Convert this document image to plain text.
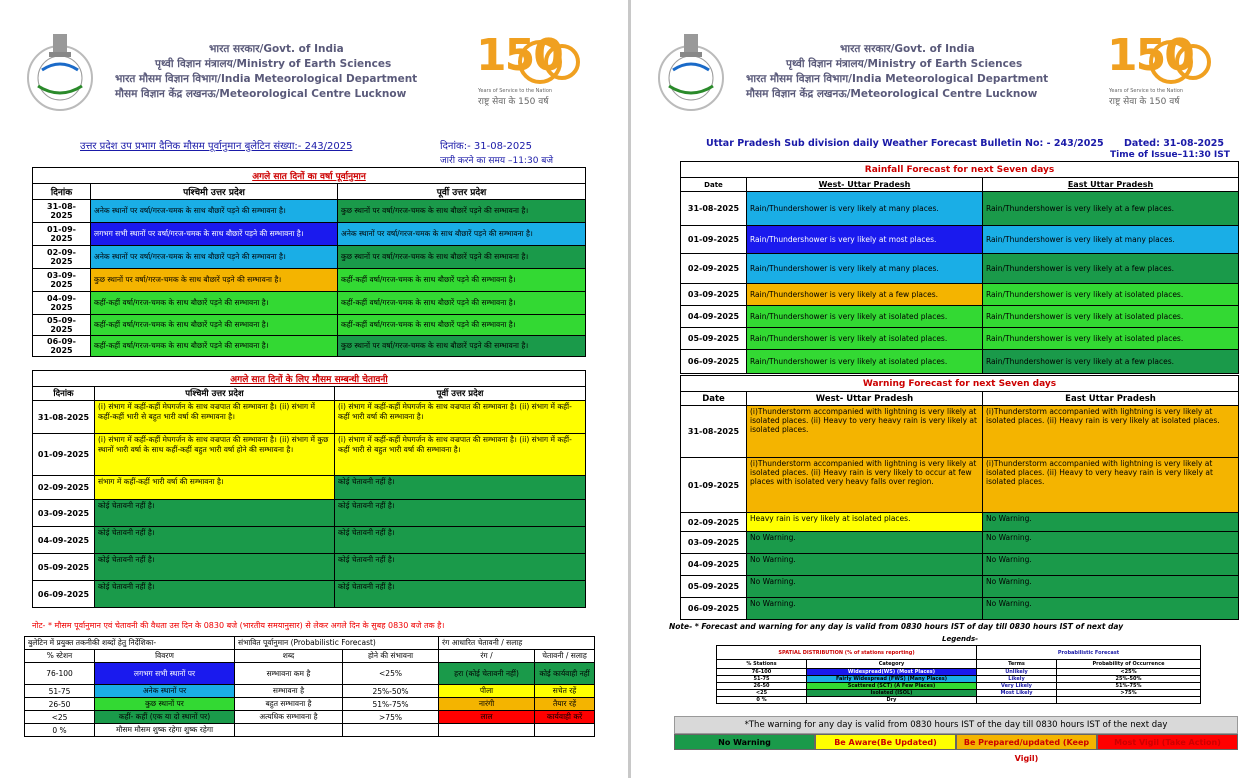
भारत सरकार/Govt. of India
पृथ्वी विज्ञान मंत्रालय/Ministry of Earth Sciences
भारत मौसम विज्ञान विभाग/India Meteorological Department
मौसम विज्ञान केंद्र लखनऊ/Meteorological Centre Lucknow
150
Years of Service to the Nation
राष्ट्र सेवा के 150 वर्ष
भारत सरकार/Govt. of India
पृथ्वी विज्ञान मंत्रालय/Ministry of Earth Sciences
भारत मौसम विज्ञान विभाग/India Meteorological Department
मौसम विज्ञान केंद्र लखनऊ/Meteorological Centre Lucknow
150
Years of Service to the Nation
राष्ट्र सेवा के 150 वर्ष
उत्तर प्रदेश उप प्रभाग दैनिक मौसम पूर्वानुमान बुलेटिन संख्या:- 243/2025	दिनांक:- 31-08-2025
जारी करने का समय –11:30 बजे
Uttar Pradesh Sub division daily Weather Forecast Bulletin No: - 243/2025 Dated: 31-08-2025
Time of Issue–11:30 IST
अगले सात दिनों का वर्षा पूर्वानुमान		
दिनांक	पश्चिमी उत्तर प्रदेश	पूर्वी उत्तर प्रदेश
31-08-2025	अनेक स्थानों पर वर्षा/गरज-चमक के साथ बौछारें पड़ने की सम्भावना है।	कुछ स्थानों पर वर्षा/गरज-चमक के साथ बौछारें पड़ने की सम्भावना है।
01-09-2025	लगभग सभी स्थानों पर वर्षा/गरज-चमक के साथ बौछारें पड़ने की सम्भावना है।	अनेक स्थानों पर वर्षा/गरज-चमक के साथ बौछारें पड़ने की सम्भावना है।
02-09-2025	अनेक स्थानों पर वर्षा/गरज-चमक के साथ बौछारें पड़ने की सम्भावना है।	कुछ स्थानों पर वर्षा/गरज-चमक के साथ बौछारें पड़ने की सम्भावना है।
03-09-2025	कुछ स्थानों पर वर्षा/गरज-चमक के साथ बौछारें पड़ने की सम्भावना है।	कहीं-कहीं वर्षा/गरज-चमक के साथ बौछारें पड़ने की सम्भावना है।
04-09-2025	कहीं-कहीं वर्षा/गरज-चमक के साथ बौछारें पड़ने की सम्भावना है।	कहीं-कहीं वर्षा/गरज-चमक के साथ बौछारें पड़ने की सम्भावना है।
05-09-2025	कहीं-कहीं वर्षा/गरज-चमक के साथ बौछारें पड़ने की सम्भावना है।	कहीं-कहीं वर्षा/गरज-चमक के साथ बौछारें पड़ने की सम्भावना है।
06-09-2025	कहीं-कहीं वर्षा/गरज-चमक के साथ बौछारें पड़ने की सम्भावना है।	कुछ स्थानों पर वर्षा/गरज-चमक के साथ बौछारें पड़ने की सम्भावना है।
अगले सात दिनों के लिए मौसम सम्बन्धी चेतावनी		
दिनांक	पश्चिमी उत्तर प्रदेश	पूर्वी उत्तर प्रदेश
31-08-2025	(i) संभाग में कहीं-कहीं मेघगर्जन के साथ वज्रपात की सम्भावना है। (ii) संभाग में कहीं-कहीं भारी से बहुत भारी वर्षा की सम्भावना है।	(i) संभाग में कहीं-कहीं मेघगर्जन के साथ वज्रपात की सम्भावना है। (ii) संभाग में कहीं-कहीं भारी वर्षा की सम्भावना है।
01-09-2025	(i) संभाग में कहीं-कहीं मेघगर्जन के साथ वज्रपात की सम्भावना है। (ii) संभाग में कुछ स्थानों भारी वर्षा के साथ कहीं-कहीं बहुत भारी वर्षा होने की सम्भावना है।	(i) संभाग में कहीं-कहीं मेघगर्जन के साथ वज्रपात की सम्भावना है। (ii) संभाग में कहीं-कहीं भारी से बहुत भारी वर्षा की सम्भावना है।
02-09-2025	संभाग में कहीं-कहीं भारी वर्षा की सम्भावना है।	कोई चेतावनी नहीं है।
03-09-2025	कोई चेतावनी नहीं है।	कोई चेतावनी नहीं है।
04-09-2025	कोई चेतावनी नहीं है।	कोई चेतावनी नहीं है।
05-09-2025	कोई चेतावनी नहीं है।	कोई चेतावनी नहीं है।
06-09-2025	कोई चेतावनी नहीं है।	कोई चेतावनी नहीं है।
नोट- * मौसम पूर्वानुमान एवं चेतावनी की वैधता उस दिन के 0830 बजे (भारतीय समयानुसार) से लेकर अगले दिन के सुबह 0830 बजे तक है।
बुलेटिन में प्रयुक्त तकनीकी शब्दों हेतु निर्देशिका-		संभावित पूर्वानुमान (Probabilistic Forecast)		रंग आधारित चेतावनी / सलाह	
% स्टेशन	विवरण	शब्द	होने की संभावना	रंग /	चेतावनी / सलाह
76-100	लगभग सभी स्थानों पर	सम्भावना कम है	<25%	हरा (कोई चेतावनी नहीं)	कोई कार्यवाही नहीं
51-75	अनेक स्थानों पर	सम्भावना है	25%-50%	पीला	सचेत रहें
26-50	कुछ स्थानों पर	बहुत सम्भावना है	51%-75%	नारंगी	तैयार रहें
<25	कहीं- कहीं (एक या दो स्थानों पर)	अत्यधिक सम्भावना है	>75%	लाल	कार्यवाही करें
0 %	मौसम मौसम शुष्क रहेगा शुष्क रहेगा				
Rainfall Forecast for next Seven days		
Date	West- Uttar Pradesh	East Uttar Pradesh
31-08-2025	Rain/Thundershower is very likely at many places.	Rain/Thundershower is very likely at a few places.
01-09-2025	Rain/Thundershower is very likely at most places.	Rain/Thundershower is very likely at many places.
02-09-2025	Rain/Thundershower is very likely at many places.	Rain/Thundershower is very likely at a few places.
03-09-2025	Rain/Thundershower is very likely at a few places.	Rain/Thundershower is very likely at isolated places.
04-09-2025	Rain/Thundershower is very likely at isolated places.	Rain/Thundershower is very likely at isolated places.
05-09-2025	Rain/Thundershower is very likely at isolated places.	Rain/Thundershower is very likely at isolated places.
06-09-2025	Rain/Thundershower is very likely at isolated places.	Rain/Thundershower is very likely at a few places.
Warning Forecast for next Seven days		
Date	West- Uttar Pradesh	East Uttar Pradesh
31-08-2025	(i)Thunderstorm accompanied with lightning is very likely at isolated places. (ii) Heavy to very heavy rain is very likely at isolated places.	(i)Thunderstorm accompanied with lightning is very likely at isolated places. (ii) Heavy rain is very likely at isolated places.
01-09-2025	(i)Thunderstorm accompanied with lightning is very likely at isolated places. (ii) Heavy rain is very likely to occur at few places with isolated very heavy falls over region.	(i)Thunderstorm accompanied with lightning is very likely at isolated places. (ii) Heavy to very heavy rain is very likely at isolated places.
02-09-2025	Heavy rain is very likely at isolated places.	No Warning.
03-09-2025	No Warning.	No Warning.
04-09-2025	No Warning.	No Warning.
05-09-2025	No Warning.	No Warning.
06-09-2025	No Warning.	No Warning.
Note- * Forecast and warning for any day is valid from 0830 hours IST of day till 0830 hours IST of next day
Legends-
SPATIAL DISTRIBUTION (% of stations reporting)		Probabilistic Forecast	
% Stations	Category	Terms	Probability of Occurrence
76-100	Widespread(WS) (Most Places)	Unlikely	<25%
51-75	Fairly Widespread (FWS) (Many Places)	Likely	25%-50%
26-50	Scattered (SCT) (A Few Places)	Very Likely	51%-75%
<25	Isolated (ISOL)	Most Likely	>75%
0 %	Dry		
*The warning for any day is valid from 0830 hours IST of the day till 0830 hours IST of the next day
No Warning	Be Aware(Be Updated)	Be Prepared/updated (Keep Vigil)
Most Vigil (Take Action)
